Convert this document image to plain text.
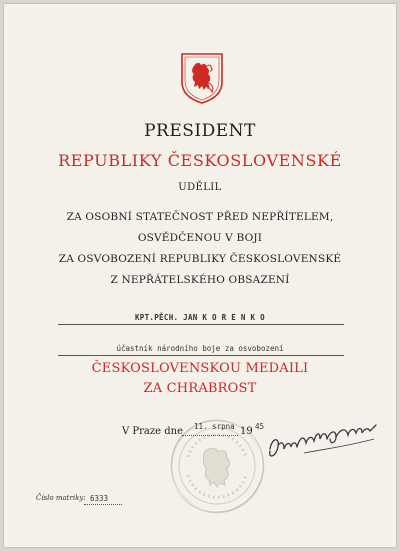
PRESIDENT
REPUBLIKY ČESKOSLOVENSKÉ
UDĚLIL
ZA OSOBNÍ STATEČNOST PŘED NEPŘÍTELEM,
OSVĚDČENOU V BOJI
ZA OSVOBOZENÍ REPUBLIKY ČESKOSLOVENSKÉ
Z NEPŘÁTELSKÉHO OBSAZENÍ
KPT.PĚCH. JAN K O R E N K O
účastník národního boje za osvobození
ČESKOSLOVENSKOU MEDAILI
ZA CHRABROST
V Praze dne 11. srpna 19 45
Číslo matriky: 6333
